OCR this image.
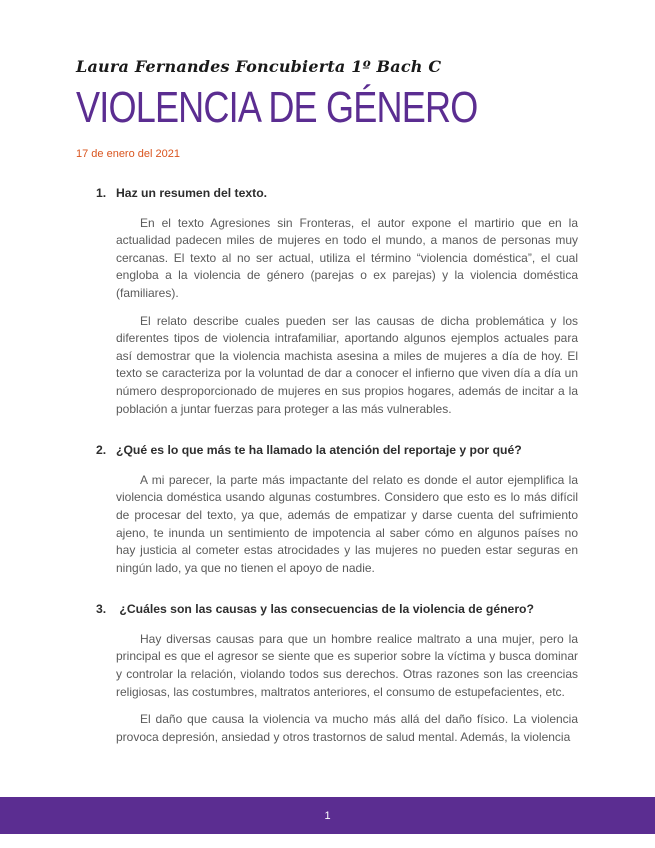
Laura Fernandes Foncubierta 1º Bach C
VIOLENCIA DE GÉNERO
17 de enero del 2021
1. Haz un resumen del texto.

En el texto Agresiones sin Fronteras, el autor expone el martirio que en la actualidad padecen miles de mujeres en todo el mundo, a manos de personas muy cercanas. El texto al no ser actual, utiliza el término “violencia doméstica”, el cual engloba a la violencia de género (parejas o ex parejas) y la violencia doméstica (familiares).

El relato describe cuales pueden ser las causas de dicha problemática y los diferentes tipos de violencia intrafamiliar, aportando algunos ejemplos actuales para así demostrar que la violencia machista asesina a miles de mujeres a día de hoy. El texto se caracteriza por la voluntad de dar a conocer el infierno que viven día a día un número desproporcionado de mujeres en sus propios hogares, además de incitar a la población a juntar fuerzas para proteger a las más vulnerables.

2. ¿Qué es lo que más te ha llamado la atención del reportaje y por qué?

A mi parecer, la parte más impactante del relato es donde el autor ejemplifica la violencia doméstica usando algunas costumbres. Considero que esto es lo más difícil de procesar del texto, ya que, además de empatizar y darse cuenta del sufrimiento ajeno, te inunda un sentimiento de impotencia al saber cómo en algunos países no hay justicia al cometer estas atrocidades y las mujeres no pueden estar seguras en ningún lado, ya que no tienen el apoyo de nadie.

3. ¿Cuáles son las causas y las consecuencias de la violencia de género?

Hay diversas causas para que un hombre realice maltrato a una mujer, pero la principal es que el agresor se siente que es superior sobre la víctima y busca dominar y controlar la relación, violando todos sus derechos. Otras razones son las creencias religiosas, las costumbres, maltratos anteriores, el consumo de estupefacientes, etc.

El daño que causa la violencia va mucho más allá del daño físico. La violencia provoca depresión, ansiedad y otros trastornos de salud mental. Además, la violencia

1
